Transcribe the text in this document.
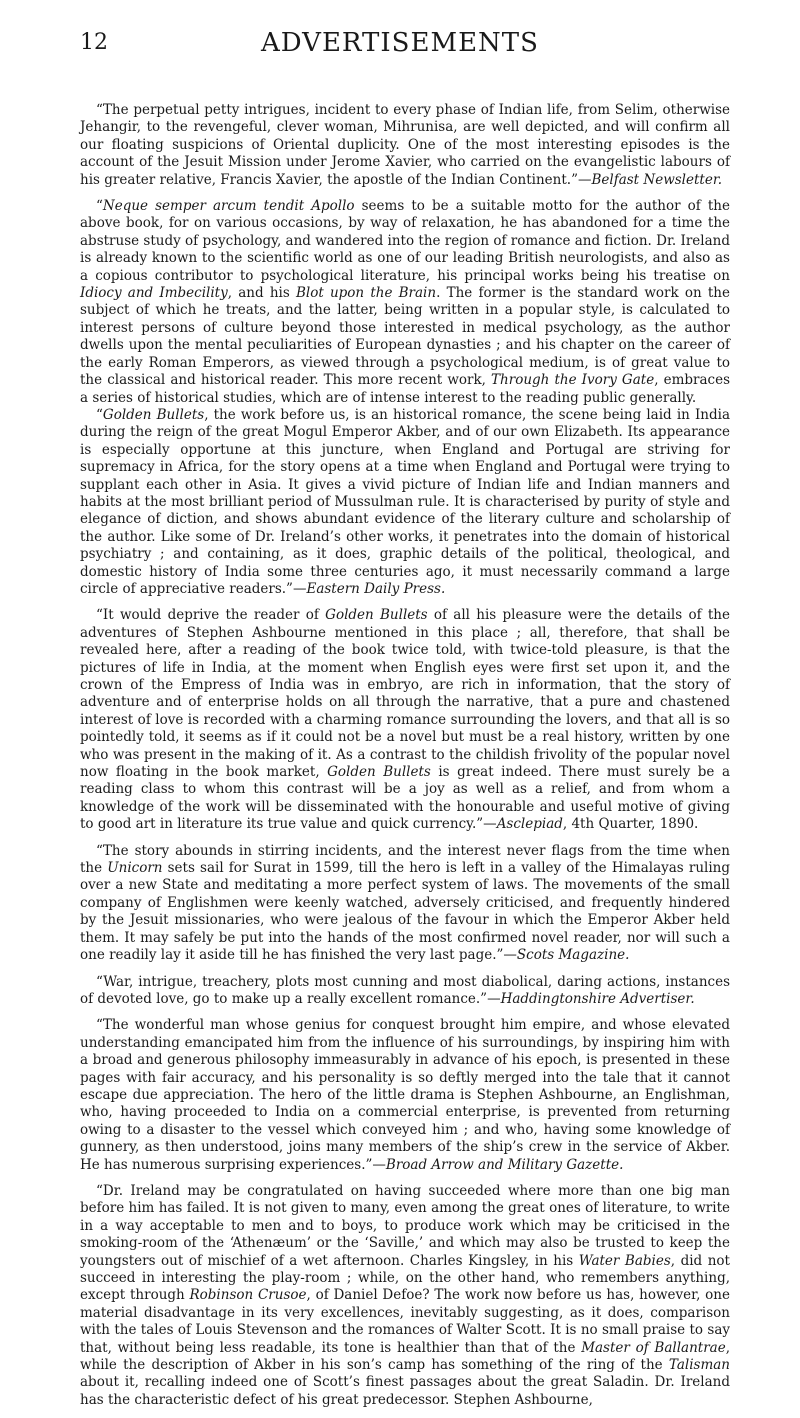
12	ADVERTISEMENTS

“The perpetual petty intrigues, incident to every phase of Indian life, from Selim, otherwise Jehangir, to the revengeful, clever woman, Mihrunisa, are well depicted, and will confirm all our floating suspicions of Oriental duplicity. One of the most interesting episodes is the account of the Jesuit Mission under Jerome Xavier, who carried on the evangelistic labours of his greater relative, Francis Xavier, the apostle of the Indian Continent.”—Belfast Newsletter.

“Neque semper arcum tendit Apollo seems to be a suitable motto for the author of the above book, for on various occasions, by way of relaxation, he has abandoned for a time the abstruse study of psychology, and wandered into the region of romance and fiction. Dr. Ireland is already known to the scientific world as one of our leading British neurologists, and also as a copious contributor to psychological literature, his principal works being his treatise on Idiocy and Imbecility, and his Blot upon the Brain. The former is the standard work on the subject of which he treats, and the latter, being written in a popular style, is calculated to interest persons of culture beyond those interested in medical psychology, as the author dwells upon the mental peculiarities of European dynasties ; and his chapter on the career of the early Roman Emperors, as viewed through a psychological medium, is of great value to the classical and historical reader. This more recent work, Through the Ivory Gate, embraces a series of historical studies, which are of intense interest to the reading public generally.

“Golden Bullets, the work before us, is an historical romance, the scene being laid in India during the reign of the great Mogul Emperor Akber, and of our own Elizabeth. Its appearance is especially opportune at this juncture, when England and Portugal are striving for supremacy in Africa, for the story opens at a time when England and Portugal were trying to supplant each other in Asia. It gives a vivid picture of Indian life and Indian manners and habits at the most brilliant period of Mussulman rule. It is characterised by purity of style and elegance of diction, and shows abundant evidence of the literary culture and scholarship of the author. Like some of Dr. Ireland’s other works, it penetrates into the domain of historical psychiatry ; and containing, as it does, graphic details of the political, theological, and domestic history of India some three centuries ago, it must necessarily command a large circle of appreciative readers.”—Eastern Daily Press.

“It would deprive the reader of Golden Bullets of all his pleasure were the details of the adventures of Stephen Ashbourne mentioned in this place ; all, therefore, that shall be revealed here, after a reading of the book twice told, with twice-told pleasure, is that the pictures of life in India, at the moment when English eyes were first set upon it, and the crown of the Empress of India was in embryo, are rich in information, that the story of adventure and of enterprise holds on all through the narrative, that a pure and chastened interest of love is recorded with a charming romance surrounding the lovers, and that all is so pointedly told, it seems as if it could not be a novel but must be a real history, written by one who was present in the making of it. As a contrast to the childish frivolity of the popular novel now floating in the book market, Golden Bullets is great indeed. There must surely be a reading class to whom this contrast will be a joy as well as a relief, and from whom a knowledge of the work will be disseminated with the honourable and useful motive of giving to good art in literature its true value and quick currency.”—Asclepiad, 4th Quarter, 1890.

“The story abounds in stirring incidents, and the interest never flags from the time when the Unicorn sets sail for Surat in 1599, till the hero is left in a valley of the Himalayas ruling over a new State and meditating a more perfect system of laws. The movements of the small company of Englishmen were keenly watched, adversely criticised, and frequently hindered by the Jesuit missionaries, who were jealous of the favour in which the Emperor Akber held them. It may safely be put into the hands of the most confirmed novel reader, nor will such a one readily lay it aside till he has finished the very last page.”—Scots Magazine.

“War, intrigue, treachery, plots most cunning and most diabolical, daring actions, instances of devoted love, go to make up a really excellent romance.”—Haddingtonshire Advertiser.

“The wonderful man whose genius for conquest brought him empire, and whose elevated understanding emancipated him from the influence of his surroundings, by inspiring him with a broad and generous philosophy immeasurably in advance of his epoch, is presented in these pages with fair accuracy, and his personality is so deftly merged into the tale that it cannot escape due appreciation. The hero of the little drama is Stephen Ashbourne, an Englishman, who, having proceeded to India on a commercial enterprise, is prevented from returning owing to a disaster to the vessel which conveyed him ; and who, having some knowledge of gunnery, as then understood, joins many members of the ship’s crew in the service of Akber. He has numerous surprising experiences.”—Broad Arrow and Military Gazette.

“Dr. Ireland may be congratulated on having succeeded where more than one big man before him has failed. It is not given to many, even among the great ones of literature, to write in a way acceptable to men and to boys, to produce work which may be criticised in the smoking-room of the ‘Athenæum’ or the ‘Saville,’ and which may also be trusted to keep the youngsters out of mischief of a wet afternoon. Charles Kingsley, in his Water Babies, did not succeed in interesting the play-room ; while, on the other hand, who remembers anything, except through Robinson Crusoe, of Daniel Defoe? The work now before us has, however, one material disadvantage in its very excellences, inevitably suggesting, as it does, comparison with the tales of Louis Stevenson and the romances of Walter Scott. It is no small praise to say that, without being less readable, its tone is healthier than that of the Master of Ballantrae, while the description of Akber in his son’s camp has something of the ring of the Talisman about it, recalling indeed one of Scott’s finest passages about the great Saladin. Dr. Ireland has the characteristic defect of his great predecessor. Stephen Ashbourne,
